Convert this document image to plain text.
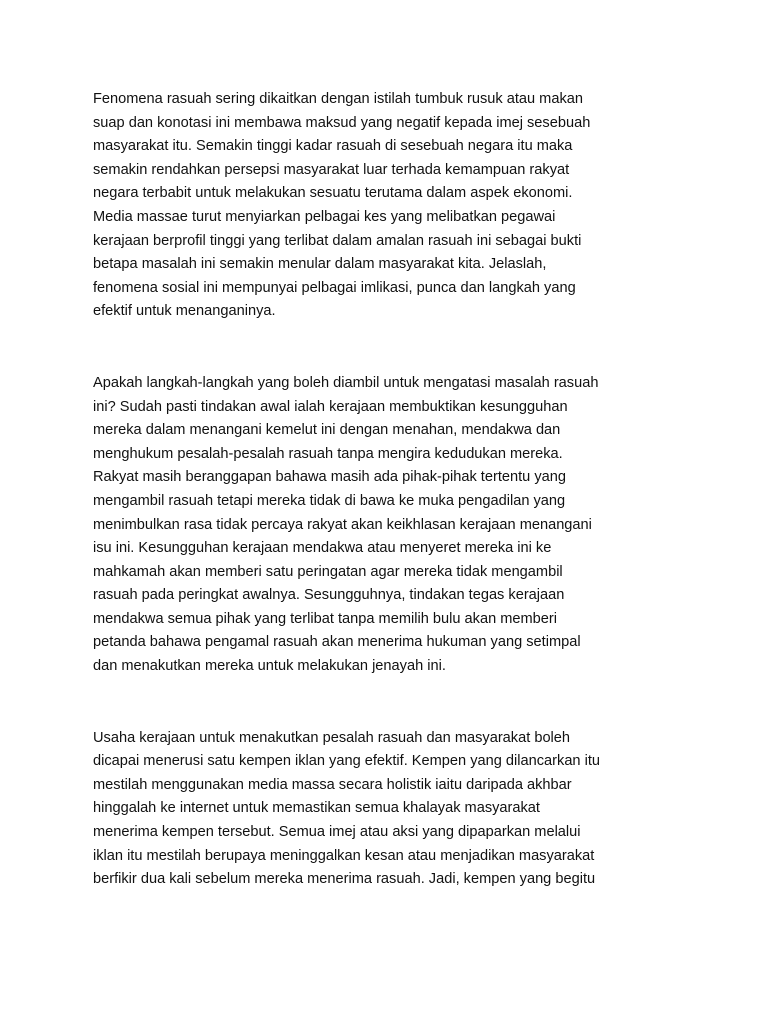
Fenomena rasuah sering dikaitkan dengan istilah tumbuk rusuk atau makan
suap dan konotasi ini membawa maksud yang negatif kepada imej sesebuah
masyarakat itu. Semakin tinggi kadar rasuah di sesebuah negara itu maka
semakin rendahkan persepsi masyarakat luar terhada kemampuan rakyat
negara terbabit untuk melakukan sesuatu terutama dalam aspek ekonomi.
Media massae turut menyiarkan pelbagai kes yang melibatkan pegawai
kerajaan berprofil tinggi yang terlibat dalam amalan rasuah ini sebagai bukti
betapa masalah ini semakin menular dalam masyarakat kita. Jelaslah,
fenomena sosial ini mempunyai pelbagai imlikasi, punca dan langkah yang
efektif untuk menanganinya.
Apakah langkah-langkah yang boleh diambil untuk mengatasi masalah rasuah
ini? Sudah pasti tindakan awal ialah kerajaan membuktikan kesungguhan
mereka dalam menangani kemelut ini dengan menahan, mendakwa dan
menghukum pesalah-pesalah rasuah tanpa mengira kedudukan mereka.
Rakyat masih beranggapan bahawa masih ada pihak-pihak tertentu yang
mengambil rasuah tetapi mereka tidak di bawa ke muka pengadilan yang
menimbulkan rasa tidak percaya rakyat akan keikhlasan kerajaan menangani
isu ini. Kesungguhan kerajaan mendakwa atau menyeret mereka ini ke
mahkamah akan memberi satu peringatan agar mereka tidak mengambil
rasuah pada peringkat awalnya. Sesungguhnya, tindakan tegas kerajaan
mendakwa semua pihak yang terlibat tanpa memilih bulu akan memberi
petanda bahawa pengamal rasuah akan menerima hukuman yang setimpal
dan menakutkan mereka untuk melakukan jenayah ini.
Usaha kerajaan untuk menakutkan pesalah rasuah dan masyarakat boleh
dicapai menerusi satu kempen iklan yang efektif. Kempen yang dilancarkan itu
mestilah menggunakan media massa secara holistik iaitu daripada akhbar
hinggalah ke internet untuk memastikan semua khalayak masyarakat
menerima kempen tersebut. Semua imej atau aksi yang dipaparkan melalui
iklan itu mestilah berupaya meninggalkan kesan atau menjadikan masyarakat
berfikir dua kali sebelum mereka menerima rasuah. Jadi, kempen yang begitu
